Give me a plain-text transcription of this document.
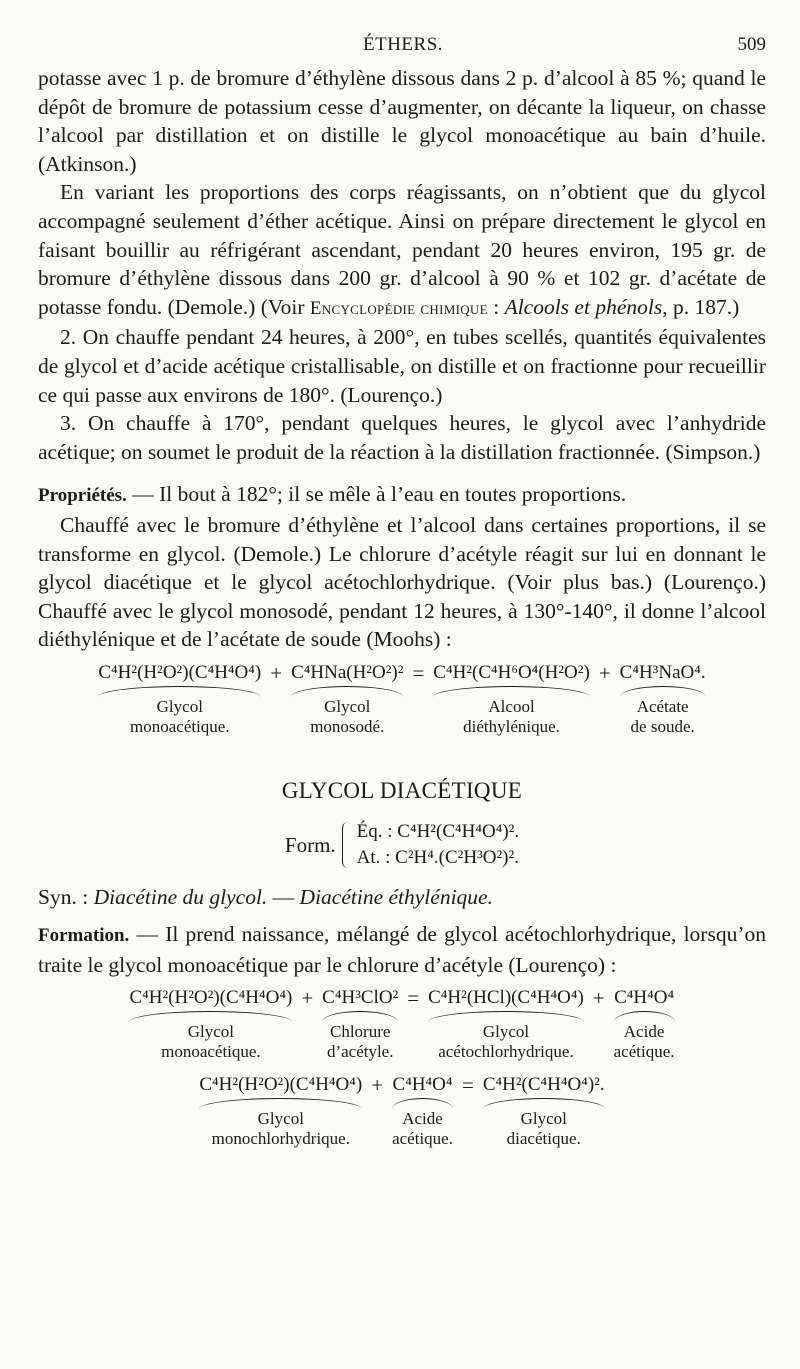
ÉTHERS.	509

potasse avec 1 p. de bromure d’éthylène dissous dans 2 p. d’alcool à 85 %; quand le dépôt de bromure de potassium cesse d’augmenter, on décante la liqueur, on chasse l’alcool par distillation et on distille le glycol monoacétique au bain d’huile. (Atkinson.)

En variant les proportions des corps réagissants, on n’obtient que du glycol accompagné seulement d’éther acétique. Ainsi on prépare directement le glycol en faisant bouillir au réfrigérant ascendant, pendant 20 heures environ, 195 gr. de bromure d’éthylène dissous dans 200 gr. d’alcool à 90 % et 102 gr. d’acétate de potasse fondu. (Demole.) (Voir Encyclopédie chimique : Alcools et phénols, p. 187.)

2. On chauffe pendant 24 heures, à 200°, en tubes scellés, quantités équivalentes de glycol et d’acide acétique cristallisable, on distille et on fractionne pour recueillir ce qui passe aux environs de 180°. (Lourenço.)

3. On chauffe à 170°, pendant quelques heures, le glycol avec l’anhydride acétique; on soumet le produit de la réaction à la distillation fractionnée. (Simpson.)

Propriétés. — Il bout à 182°; il se mêle à l’eau en toutes proportions.

Chauffé avec le bromure d’éthylène et l’alcool dans certaines proportions, il se transforme en glycol. (Demole.) Le chlorure d’acétyle réagit sur lui en donnant le glycol diacétique et le glycol acétochlorhydrique. (Voir plus bas.) (Lourenço.) Chauffé avec le glycol monosodé, pendant 12 heures, à 130°-140°, il donne l’alcool diéthylénique et de l’acétate de soude (Moohs) :

C⁴H²(H²O²)(C⁴H⁴O⁴)
Glycol
monoacétique.
+ C⁴HNa(H²O²)²
Glycol
monosodé.
= C⁴H²(C⁴H⁶O⁴(H²O²)
Alcool
diéthylénique.
+ C⁴H³NaO⁴.
Acétate
de soude.
GLYCOL DIACÉTIQUE
Form.
Éq. : C⁴H²(C⁴H⁴O⁴)².
At. : C²H⁴.(C²H³O²)².

Syn. : Diacétine du glycol. — Diacétine éthylénique.

Formation. — Il prend naissance, mélangé de glycol acétochlorhydrique, lorsqu’on traite le glycol monoacétique par le chlorure d’acétyle (Lourenço) :

C⁴H²(H²O²)(C⁴H⁴O⁴)
Glycol
monoacétique.
+ C⁴H³ClO²
Chlorure
d’acétyle.
= C⁴H²(HCl)(C⁴H⁴O⁴)
Glycol
acétochlorhydrique.
+ C⁴H⁴O⁴
Acide
acétique.
C⁴H²(H²O²)(C⁴H⁴O⁴)
Glycol
monochlorhydrique.
+ C⁴H⁴O⁴
Acide
acétique.
= C⁴H²(C⁴H⁴O⁴)².
Glycol
diacétique.
